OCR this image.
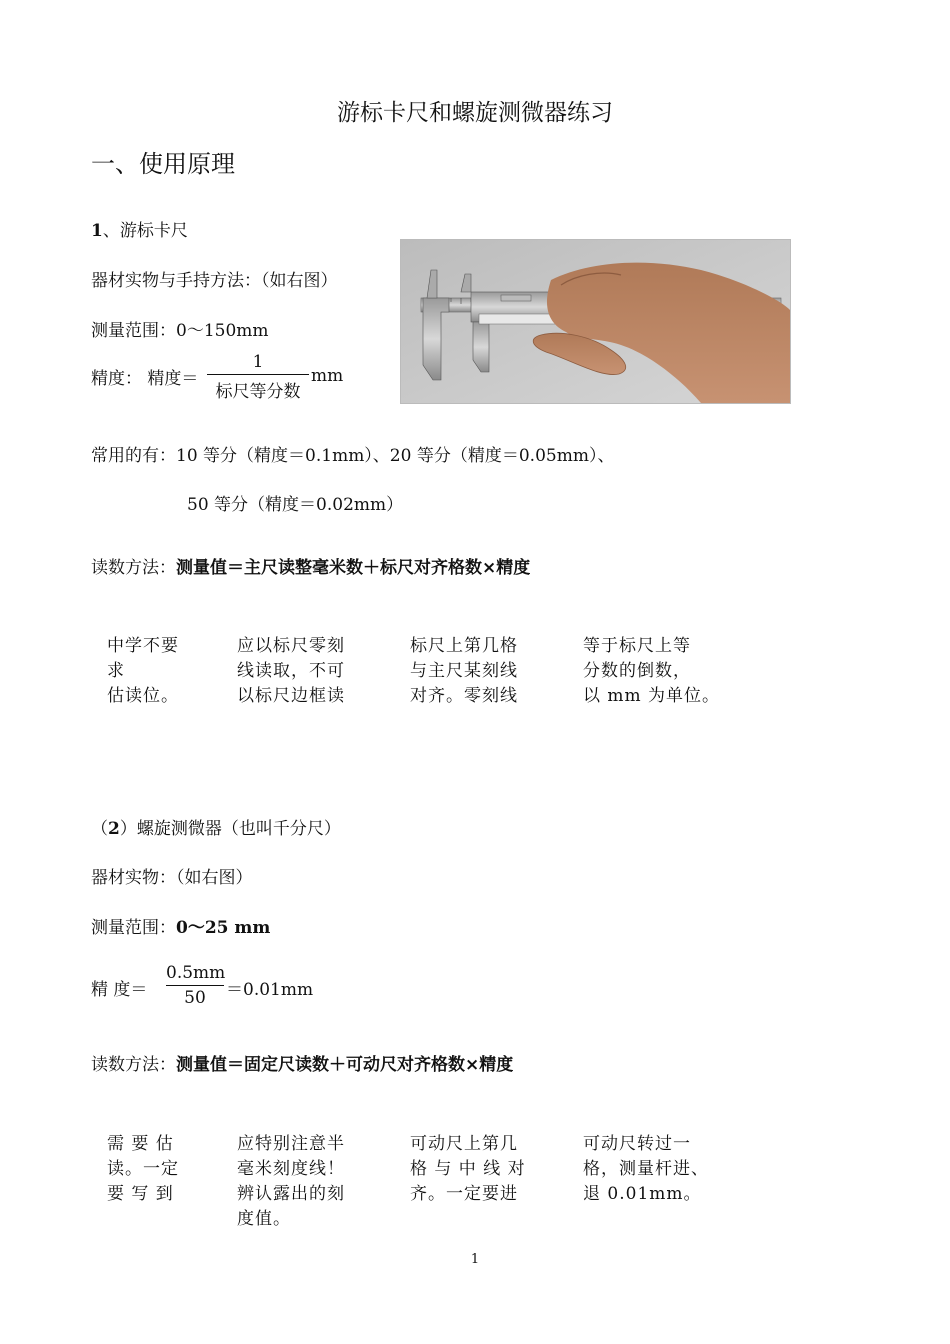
游标卡尺和螺旋测微器练习
一、使用原理
1、游标卡尺
器材实物与手持方法：（如右图）
测量范围：0～150mm
精度： 精度＝
1
标尺等分数
mm
常用的有：10 等分（精度＝0.1mm）、20 等分（精度＝0.05mm）、
50 等分（精度＝0.02mm）
读数方法：测量值＝主尺读整毫米数＋标尺对齐格数×精度
中学不要
求
估读位。
应以标尺零刻
线读取，不可
以标尺边框读
标尺上第几格
与主尺某刻线
对齐。零刻线
等于标尺上等
分数的倒数，
以 mm 为单位。
（2）螺旋测微器（也叫千分尺）
器材实物：（如右图）
测量范围：0～25 mm
精 度＝
0.5mm
50	＝0.01mm
读数方法：测量值＝固定尺读数＋可动尺对齐格数×精度
需 要 估
读。一定
要 写 到
应特别注意半
毫米刻度线！
辨认露出的刻
度值。
可动尺上第几
格 与 中 线 对
齐。一定要进
可动尺转过一
格，测量杆进、
退 0.01mm。
1
